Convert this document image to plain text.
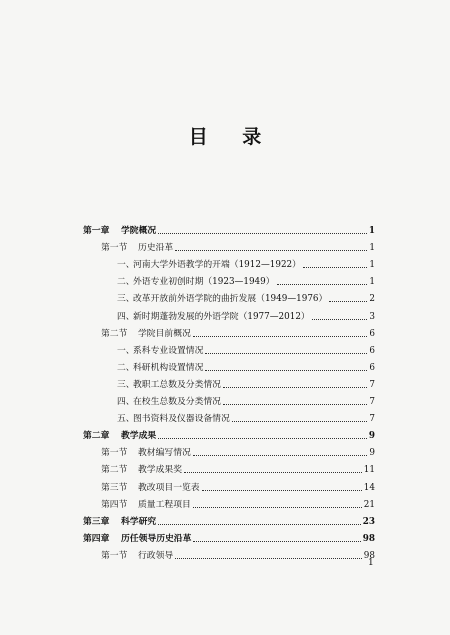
目 录
第一章 学院概况	1
第一节 历史沿革	1
一、河南大学外语教学的开端（1912—1922）	1
二、外语专业初创时期（1923—1949）	1
三、改革开放前外语学院的曲折发展（1949—1976）	2
四、新时期蓬勃发展的外语学院（1977—2012）	3
第二节 学院目前概况	6
一、系科专业设置情况	6
二、科研机构设置情况	6
三、教职工总数及分类情况	7
四、在校生总数及分类情况	7
五、图书资料及仪器设备情况	7
第二章 教学成果	9
第一节 教材编写情况	9
第二节 教学成果奖	11
第三节 教改项目一览表	14
第四节 质量工程项目	21
第三章 科学研究	23
第四章 历任领导历史沿革	98
第一节 行政领导	98
1
